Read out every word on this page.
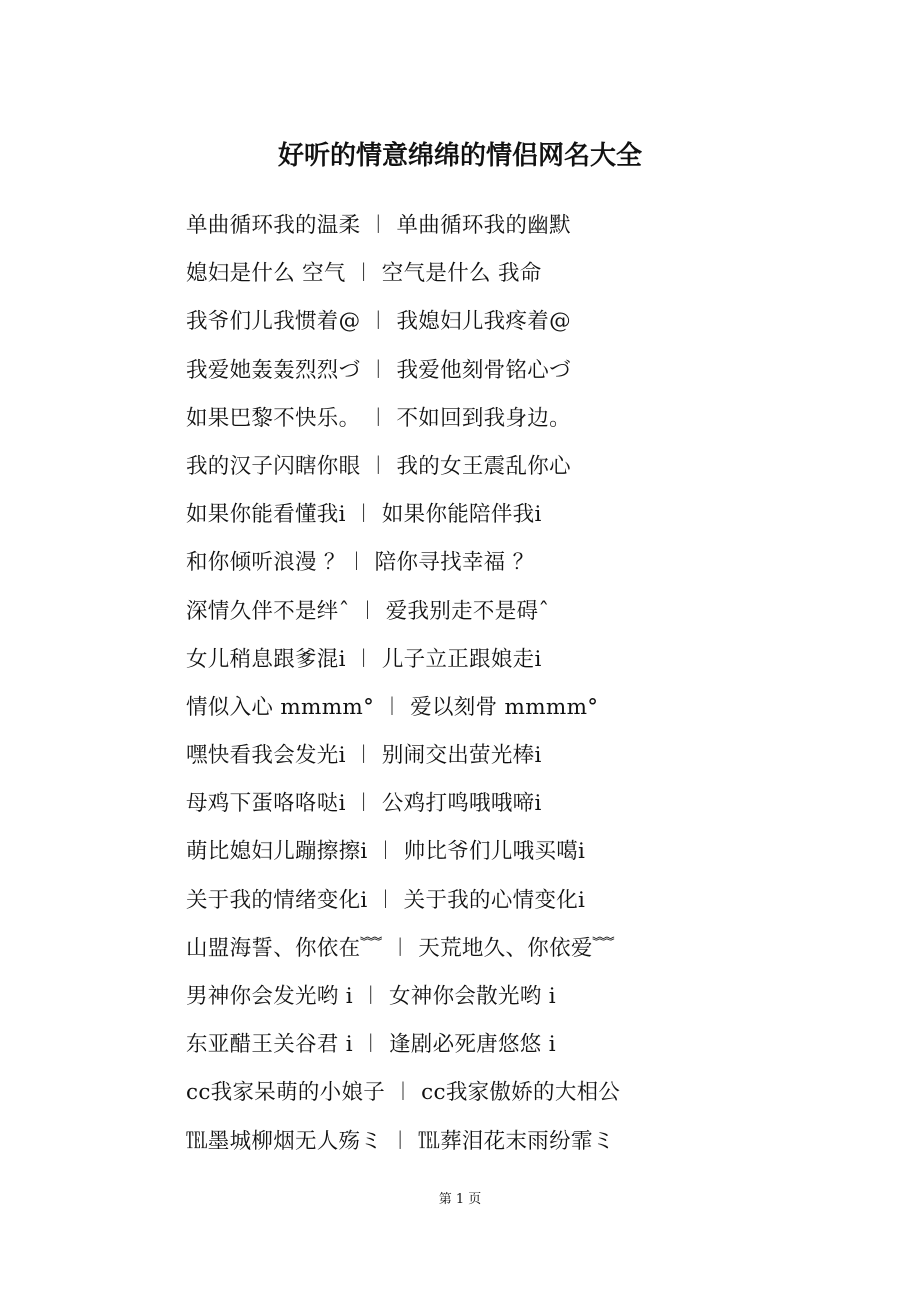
好听的情意绵绵的情侣网名大全
单曲循环我的温柔 ︱ 单曲循环我的幽默
媳妇是什么 空气 ︱ 空气是什么 我命
我爷们儿我惯着@ ︱ 我媳妇儿我疼着@
我爱她轰轰烈烈づ ︱ 我爱他刻骨铭心づ
如果巴黎不快乐。 ︱ 不如回到我身边。
我的汉子闪瞎你眼 ︱ 我的女王震乱你心
如果你能看懂我ⅰ ︱ 如果你能陪伴我ⅰ
和你倾听浪漫 ？︱ 陪你寻找幸福 ？
深情久伴不是绊ˆ ︱ 爱我别走不是碍ˆ
女儿稍息跟爹混ⅰ ︱ 儿子立正跟娘走ⅰ
情似入心 mmmm° ︱ 爱以刻骨 mmmm°
嘿快看我会发光ⅰ ︱ 别闹交出萤光棒ⅰ
母鸡下蛋咯咯哒ⅰ ︱ 公鸡打鸣哦哦啼ⅰ
萌比媳妇儿蹦擦擦ⅰ ︱ 帅比爷们儿哦买噶ⅰ
关于我的情绪变化ⅰ ︱ 关于我的心情变化ⅰ
山盟海誓、你依在﹌ ︱ 天荒地久、你依爱﹌
男神你会发光哟 ⅰ ︱ 女神你会散光哟 ⅰ
东亚醋王关谷君 ⅰ ︱ 逢剧必死唐悠悠 ⅰ
cc我家呆萌的小娘子 ︱ cc我家傲娇的大相公
℡墨城柳烟无人殇ミ ︱ ℡葬泪花末雨纷霏ミ
第 1 页
